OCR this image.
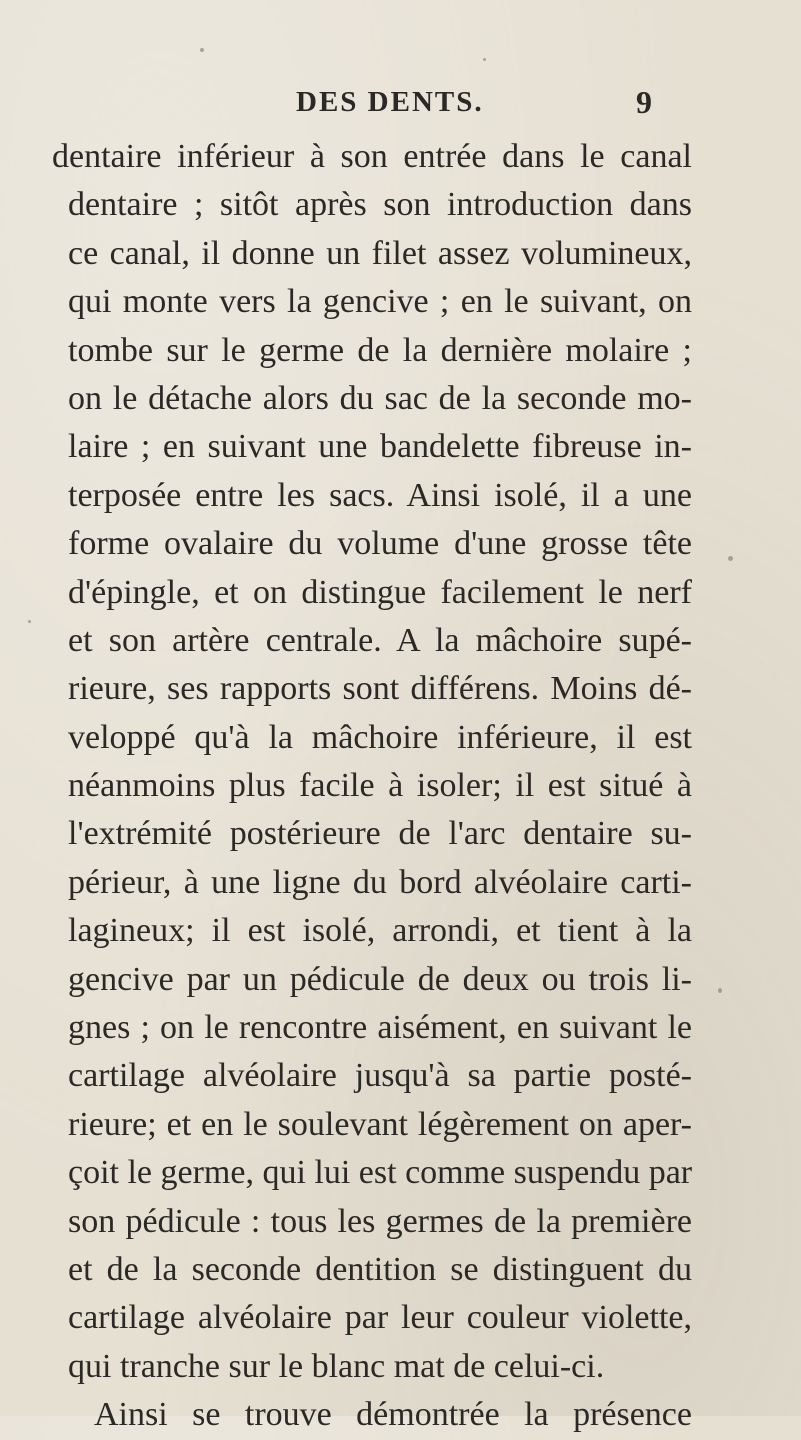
DES DENTS.	9
dentaire inférieur à son entrée dans le canal
dentaire ; sitôt après son introduction dans
ce canal, il donne un filet assez volumineux,
qui monte vers la gencive ; en le suivant, on
tombe sur le germe de la dernière molaire ;
on le détache alors du sac de la seconde mo-
laire ; en suivant une bandelette fibreuse in-
terposée entre les sacs. Ainsi isolé, il a une
forme ovalaire du volume d'une grosse tête
d'épingle, et on distingue facilement le nerf
et son artère centrale. A la mâchoire supé-
rieure, ses rapports sont différens. Moins dé-
veloppé qu'à la mâchoire inférieure, il est
néanmoins plus facile à isoler; il est situé à
l'extrémité postérieure de l'arc dentaire su-
périeur, à une ligne du bord alvéolaire carti-
lagineux; il est isolé, arrondi, et tient à la
gencive par un pédicule de deux ou trois li-
gnes ; on le rencontre aisément, en suivant le
cartilage alvéolaire jusqu'à sa partie posté-
rieure; et en le soulevant légèrement on aper-
çoit le germe, qui lui est comme suspendu par
son pédicule : tous les germes de la première
et de la seconde dentition se distinguent du
cartilage alvéolaire par leur couleur violette,
qui tranche sur le blanc mat de celui-ci.
Ainsi se trouve démontrée la présence
